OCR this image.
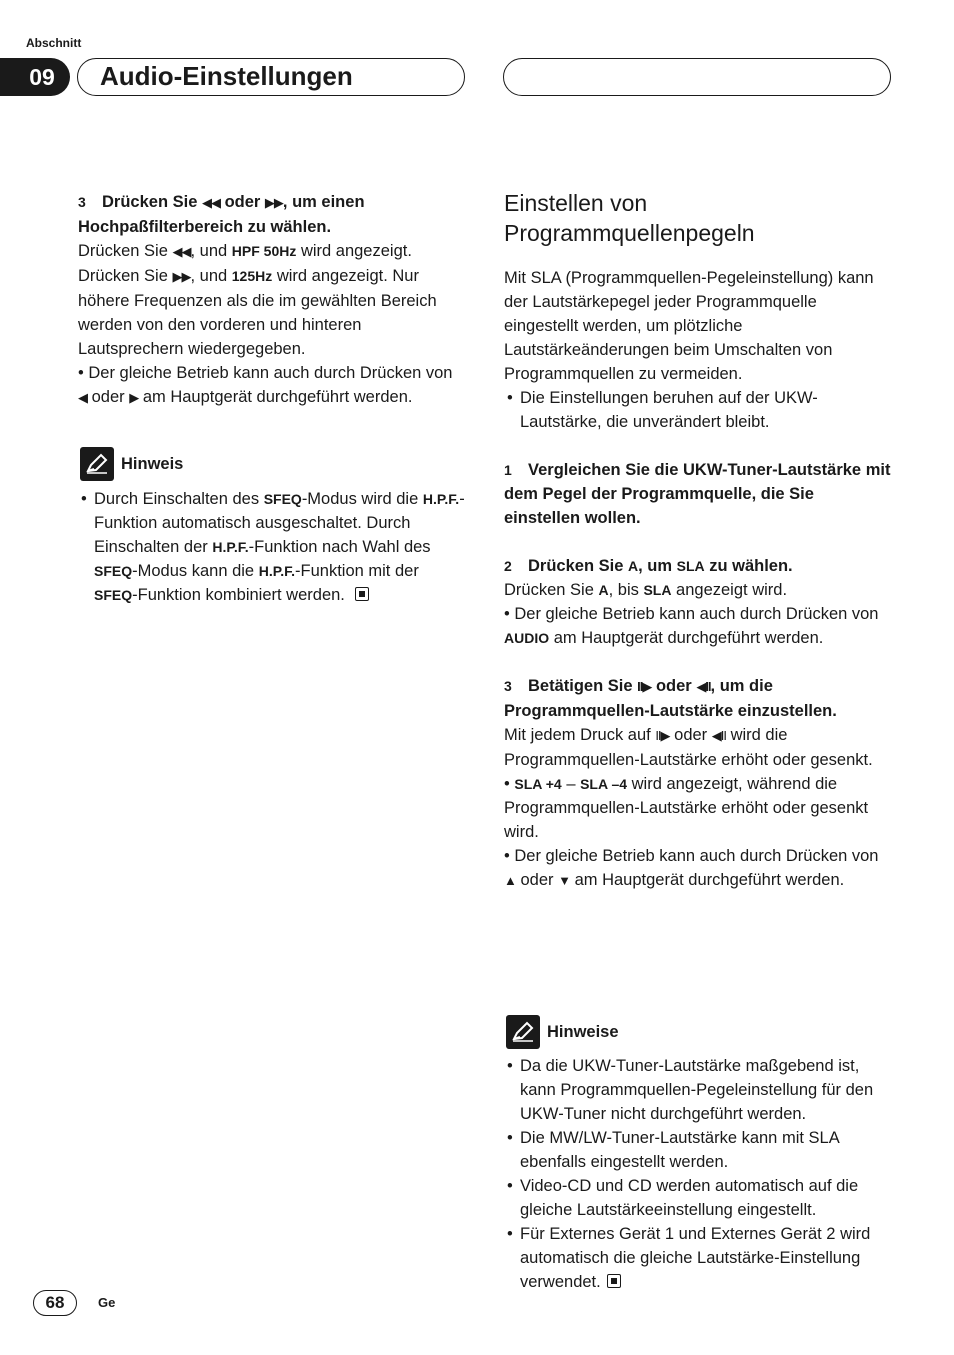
Abschnitt
09	Audio-Einstellungen

3 Drücken Sie ◀◀ oder ▶▶, um einen Hochpaßfilterbereich zu wählen.

Drücken Sie ◀◀, und HPF 50Hz wird angezeigt.

Drücken Sie ▶▶, und 125Hz wird angezeigt. Nur höhere Frequenzen als die im gewählten Bereich werden von den vorderen und hinteren Lautsprechern wiedergegeben.

• Der gleiche Betrieb kann auch durch Drücken von ◀ oder ▶ am Hauptgerät durchgeführt werden.

Hinweis

• Durch Einschalten des SFEQ-Modus wird die H.P.F.-Funktion automatisch ausgeschaltet. Durch Einschalten der H.P.F.-Funktion nach Wahl des SFEQ-Modus kann die H.P.F.-Funktion mit der SFEQ-Funktion kombiniert werden.

Einstellen von Programmquellenpegeln

Mit SLA (Programmquellen-Pegeleinstellung) kann der Lautstärkepegel jeder Programmquelle eingestellt werden, um plötzliche Lautstärkeänderungen beim Umschalten von Programmquellen zu vermeiden.

• Die Einstellungen beruhen auf der UKW-Lautstärke, die unverändert bleibt.

1 Vergleichen Sie die UKW-Tuner-Lautstärke mit dem Pegel der Programmquelle, die Sie einstellen wollen.

2 Drücken Sie A, um SLA zu wählen.

Drücken Sie A, bis SLA angezeigt wird.

• Der gleiche Betrieb kann auch durch Drücken von AUDIO am Hauptgerät durchgeführt werden.

3 Betätigen Sie II▶ oder ◀II, um die Programmquellen-Lautstärke einzustellen.

Mit jedem Druck auf II▶ oder ◀II wird die Programmquellen-Lautstärke erhöht oder gesenkt.

• SLA +4 – SLA –4 wird angezeigt, während die Programmquellen-Lautstärke erhöht oder gesenkt wird.

• Der gleiche Betrieb kann auch durch Drücken von ▲ oder ▼ am Hauptgerät durchgeführt werden.

Hinweise

• Da die UKW-Tuner-Lautstärke maßgebend ist, kann Programmquellen-Pegeleinstellung für den UKW-Tuner nicht durchgeführt werden.

• Die MW/LW-Tuner-Lautstärke kann mit SLA ebenfalls eingestellt werden.

• Video-CD und CD werden automatisch auf die gleiche Lautstärkeeinstellung eingestellt.

• Für Externes Gerät 1 und Externes Gerät 2 wird automatisch die gleiche Lautstärke-Einstellung verwendet.

68	Ge
